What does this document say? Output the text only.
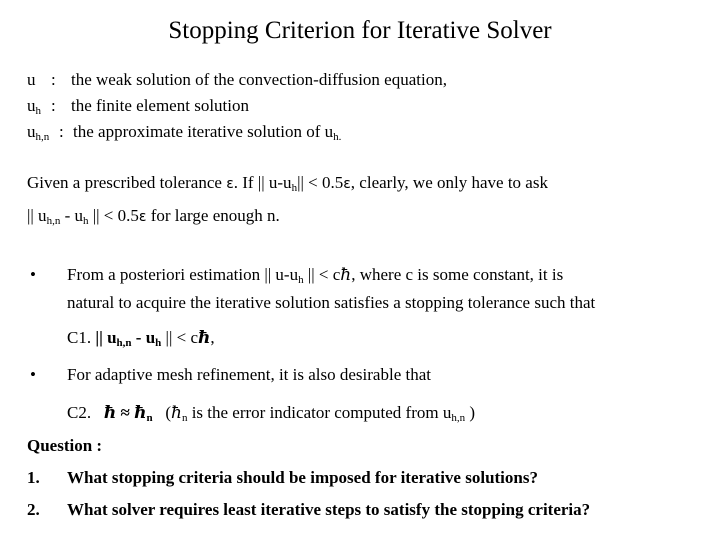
Stopping Criterion for Iterative Solver
u : the weak solution of the convection-diffusion equation,
$u_h$ : the finite element solution
$u_{h,n}$ : the approximate iterative solution of $u_{h.}$
Given a prescribed tolerance ε. If || $u-u_h|| < 0.5\varepsilon$, clearly, we only have to ask
|| $u_{h,n} - u_h$ || < 0.5ε for large enough n.
• From a posteriori estimation || $u-u_h$ || < cħ, where c is some constant, it is
natural to acquire the iterative solution satisfies a stopping tolerance such that
C1. || $u_{h,n} - u_h$ || < cħ,
• For adaptive mesh refinement, it is also desirable that
C2. ħ ≈ $ħ_n$ ($ħ_n$ is the error indicator computed from $u_{h,n}$ )
Question :
1. What stopping criteria should be imposed for iterative solutions?
2. What solver requires least iterative steps to satisfy the stopping criteria?
